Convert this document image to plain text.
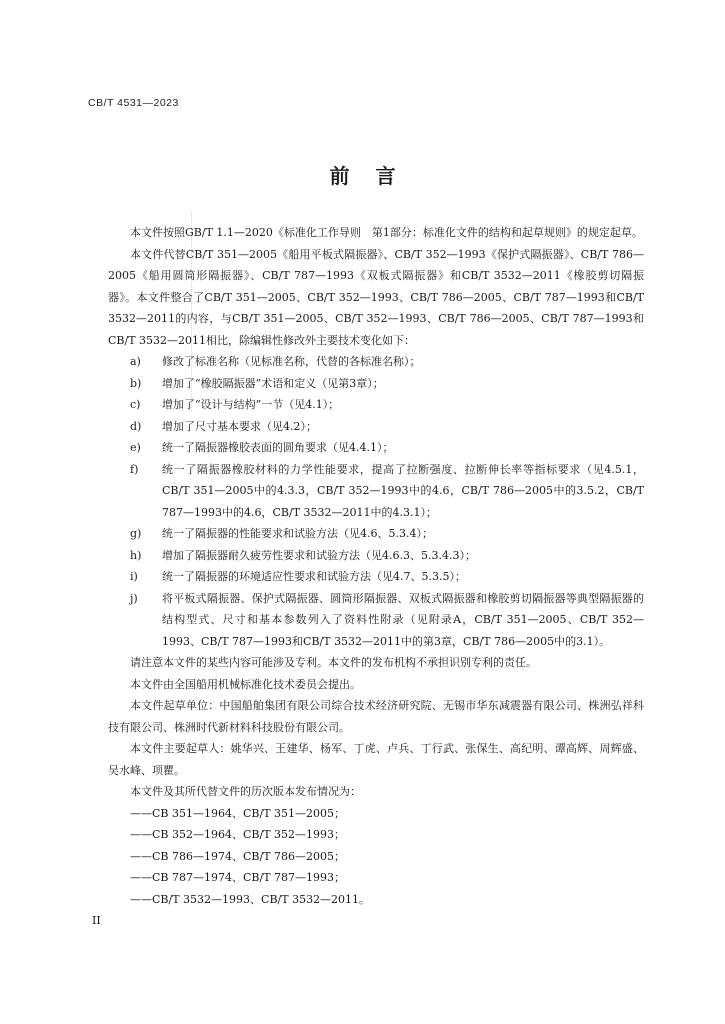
CB/T 4531—2023
前言

本文件按照GB/T 1.1—2020《标准化工作导则　第1部分：标准化文件的结构和起草规则》的规定起草。

本文件代替CB/T 351—2005《船用平板式隔振器》、CB/T 352—1993《保护式隔振器》、CB/T 786—2005《船用圆筒形隔振器》、CB/T 787—1993《双板式隔振器》和CB/T 3532—2011《橡胶剪切隔振器》。本文件整合了CB/T 351—2005、CB/T 352—1993、CB/T 786—2005、CB/T 787—1993和CB/T 3532—2011的内容，与CB/T 351—2005、CB/T 352—1993、CB/T 786—2005、CB/T 787—1993和CB/T 3532—2011相比，除编辑性修改外主要技术变化如下：

a)	修改了标准名称（见标准名称，代替的各标准名称）；
b)	增加了“橡胶隔振器”术语和定义（见第3章）；
c)	增加了“设计与结构”一节（见4.1）；
d)	增加了尺寸基本要求（见4.2）；
e)	统一了隔振器橡胶表面的圆角要求（见4.4.1）；
f)	统一了隔振器橡胶材料的力学性能要求，提高了拉断强度、拉断伸长率等指标要求（见4.5.1，CB/T 351—2005中的4.3.3，CB/T 352—1993中的4.6，CB/T 786—2005中的3.5.2，CB/T 787—1993中的4.6，CB/T 3532—2011中的4.3.1）；
g)	统一了隔振器的性能要求和试验方法（见4.6、5.3.4）；
h)	增加了隔振器耐久疲劳性要求和试验方法（见4.6.3、5.3.4.3）；
i)	统一了隔振器的环境适应性要求和试验方法（见4.7、5.3.5）；
j)	将平板式隔振器、保护式隔振器、圆筒形隔振器、双板式隔振器和橡胶剪切隔振器等典型隔振器的结构型式、尺寸和基本参数列入了资料性附录（见附录A，CB/T 351—2005、CB/T 352—1993、CB/T 787—1993和CB/T 3532—2011中的第3章，CB/T 786—2005中的3.1）。

请注意本文件的某些内容可能涉及专利。本文件的发布机构不承担识别专利的责任。

本文件由全国船用机械标准化技术委员会提出。

本文件起草单位：中国船舶集团有限公司综合技术经济研究院、无锡市华东减震器有限公司、株洲弘祥科技有限公司、株洲时代新材料科技股份有限公司。

本文件主要起草人：姚华兴、王建华、杨军、丁虎、卢兵、丁行武、张保生、高纪明、谭高辉、周辉盛、吴水峰、项瞿。

本文件及其所代替文件的历次版本发布情况为：

——CB 351—1964、CB/T 351—2005；
——CB 352—1964、CB/T 352—1993；
——CB 786—1974、CB/T 786—2005；
——CB 787—1974、CB/T 787—1993；
——CB/T 3532—1993、CB/T 3532—2011。
II
